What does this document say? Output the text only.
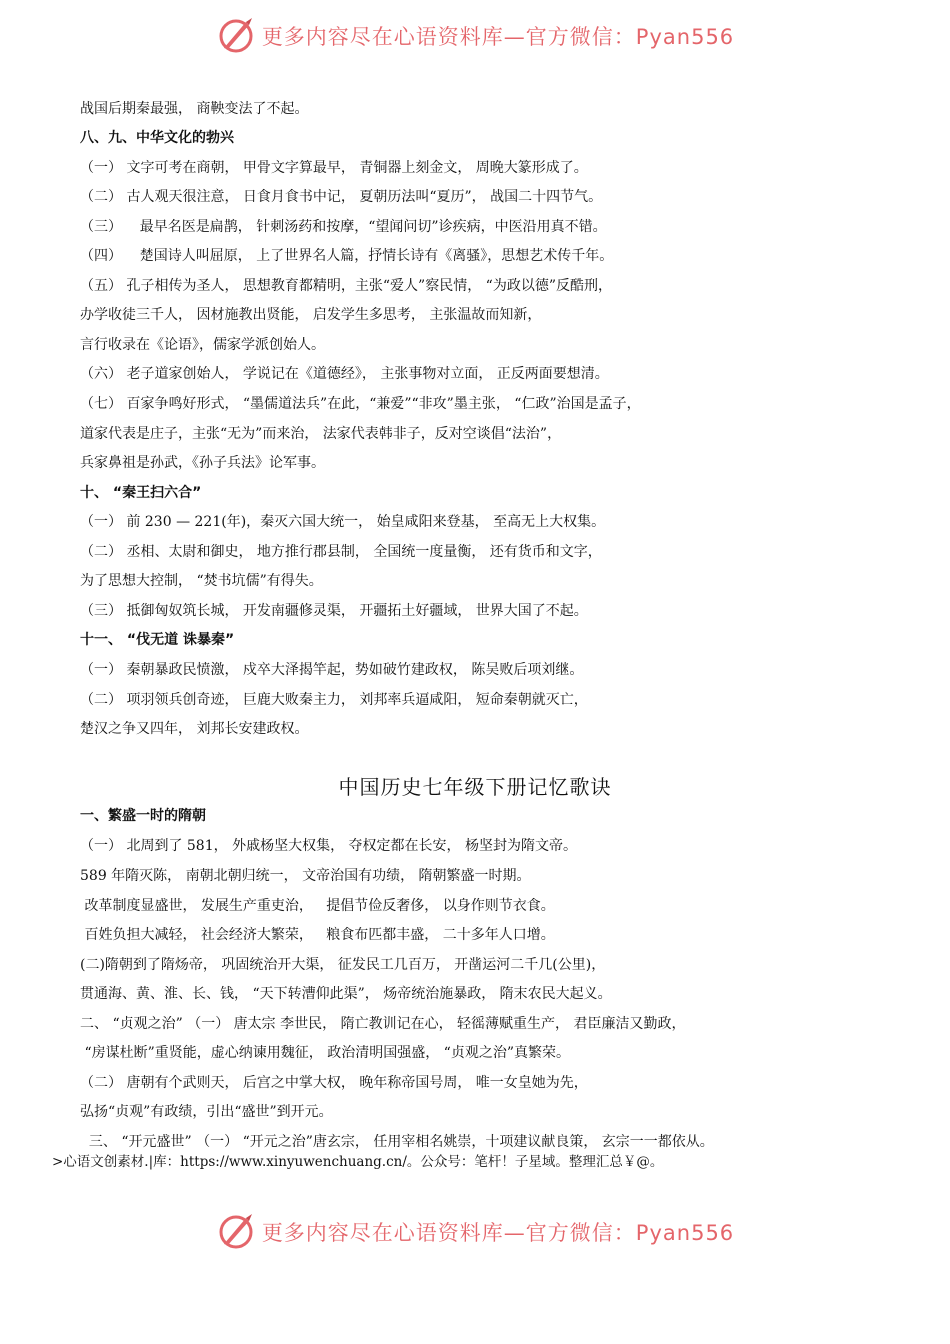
更多内容尽在心语资料库—官方微信：Pyan556
战国后期秦最强， 商鞅变法了不起。
八、九、中华文化的勃兴
（一） 文字可考在商朝， 甲骨文字算最早， 青铜器上刻金文， 周晚大篆形成了。
（二） 古人观天很注意， 日食月食书中记， 夏朝历法叫“夏历”， 战国二十四节气。
（三）    最早名医是扁鹊， 针刺汤药和按摩，“望闻问切”诊疾病，中医沿用真不错。
（四）    楚国诗人叫屈原， 上了世界名人篇，抒情长诗有《离骚》，思想艺术传千年。
（五） 孔子相传为圣人， 思想教育都精明，主张“爱人”察民情， “为政以德”反酷刑，
办学收徒三千人， 因材施教出贤能， 启发学生多思考， 主张温故而知新，
言行收录在《论语》，儒家学派创始人。
（六） 老子道家创始人， 学说记在《道德经》， 主张事物对立面， 正反两面要想清。
（七） 百家争鸣好形式， “墨儒道法兵”在此，“兼爱”“非攻”墨主张， “仁政”治国是孟子，
道家代表是庄子，主张“无为”而来治， 法家代表韩非子，反对空谈倡“法治”，
兵家鼻祖是孙武，《孙子兵法》论军事。
十、 “秦王扫六合”
（一） 前 230 — 221(年)，秦灭六国大统一， 始皇咸阳来登基， 至高无上大权集。
（二） 丞相、太尉和御史， 地方推行郡县制， 全国统一度量衡， 还有货币和文字，
为了思想大控制， “焚书坑儒”有得失。
（三） 抵御匈奴筑长城， 开发南疆修灵渠， 开疆拓土好疆域， 世界大国了不起。
十一、 “伐无道 诛暴秦”
（一） 秦朝暴政民愤激， 戍卒大泽揭竿起，势如破竹建政权， 陈吴败后项刘继。
（二） 项羽领兵创奇迹， 巨鹿大败秦主力， 刘邦率兵逼咸阳， 短命秦朝就灭亡，
楚汉之争又四年， 刘邦长安建政权。
中国历史七年级下册记忆歌诀
一、繁盛一时的隋朝
（一） 北周到了 581， 外戚杨坚大权集， 夺权定都在长安， 杨坚封为隋文帝。
589 年隋灭陈， 南朝北朝归统一， 文帝治国有功绩， 隋朝繁盛一时期。
改革制度显盛世， 发展生产重吏治，   提倡节俭反奢侈， 以身作则节衣食。
百姓负担大减轻， 社会经济大繁荣，   粮食布匹都丰盛， 二十多年人口增。
(二)隋朝到了隋炀帝， 巩固统治开大渠， 征发民工几百万， 开凿运河二千几(公里)，
贯通海、黄、淮、长、钱， “天下转漕仰此渠”， 炀帝统治施暴政， 隋末农民大起义。
二、 “贞观之治” （一） 唐太宗 李世民， 隋亡教训记在心， 轻徭薄赋重生产， 君臣廉洁又勤政，
“房谋杜断”重贤能，虚心纳谏用魏征， 政治清明国强盛， “贞观之治”真繁荣。
（二） 唐朝有个武则天， 后宫之中掌大权， 晚年称帝国号周， 唯一女皇她为先，
弘扬“贞观”有政绩，引出“盛世”到开元。
三、 “开元盛世” （一） “开元之治”唐玄宗， 任用宰相名姚崇，十项建议献良策， 玄宗一一都依从。
>心语文创素材.|库：https://www.xinyuwenchuang.cn/。公众号：笔杆！子星域。整理汇总￥@。
更多内容尽在心语资料库—官方微信：Pyan556
